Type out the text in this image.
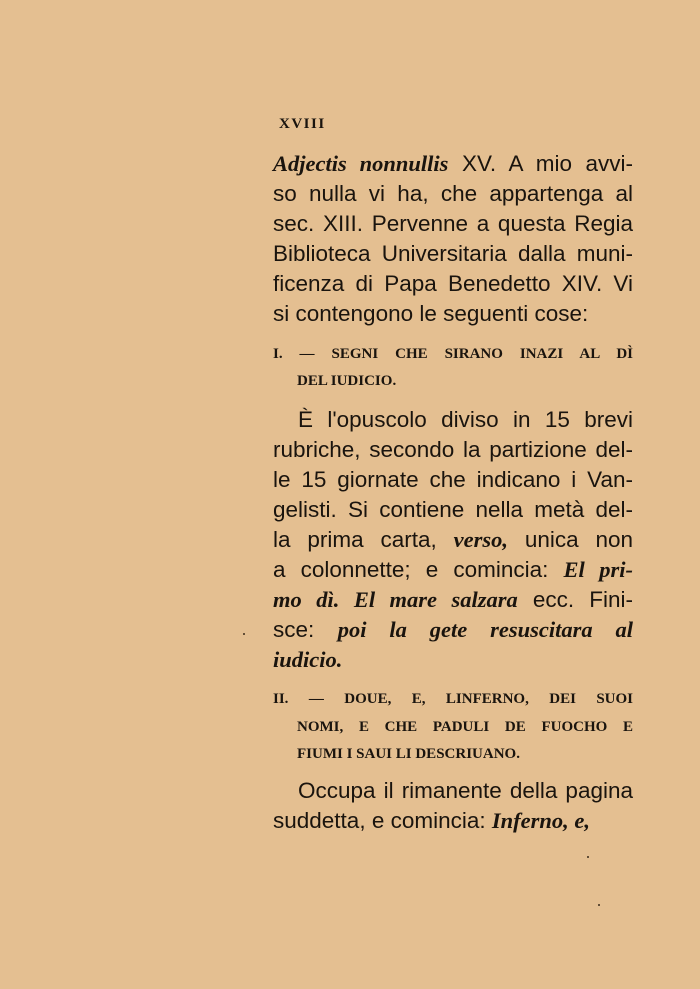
XVIII
Adjectis nonnullis XV. A mio avvi-
so nulla vi ha, che appartenga al
sec. XIII. Pervenne a questa Regia
Biblioteca Universitaria dalla muni-
ficenza di Papa Benedetto XIV. Vi
si contengono le seguenti cose:
I. — SEGNI CHE SIRANO INAZI AL DÌ
DEL IUDICIO.
È l'opuscolo diviso in 15 brevi
rubriche, secondo la partizione del-
le 15 giornate che indicano i Van-
gelisti. Si contiene nella metà del-
la prima carta, verso, unica non
a colonnette; e comincia: El pri-
mo dì. El mare salzara ecc. Fini-
sce: poi la gete resuscitara al
iudicio.
II. — DOUE, E, LINFERNO, DEI SUOI
NOMI, E CHE PADULI DE FUOCHO E
FIUMI I SAUI LI DESCRIUANO.
Occupa il rimanente della pagina
suddetta, e comincia: Inferno, e,
